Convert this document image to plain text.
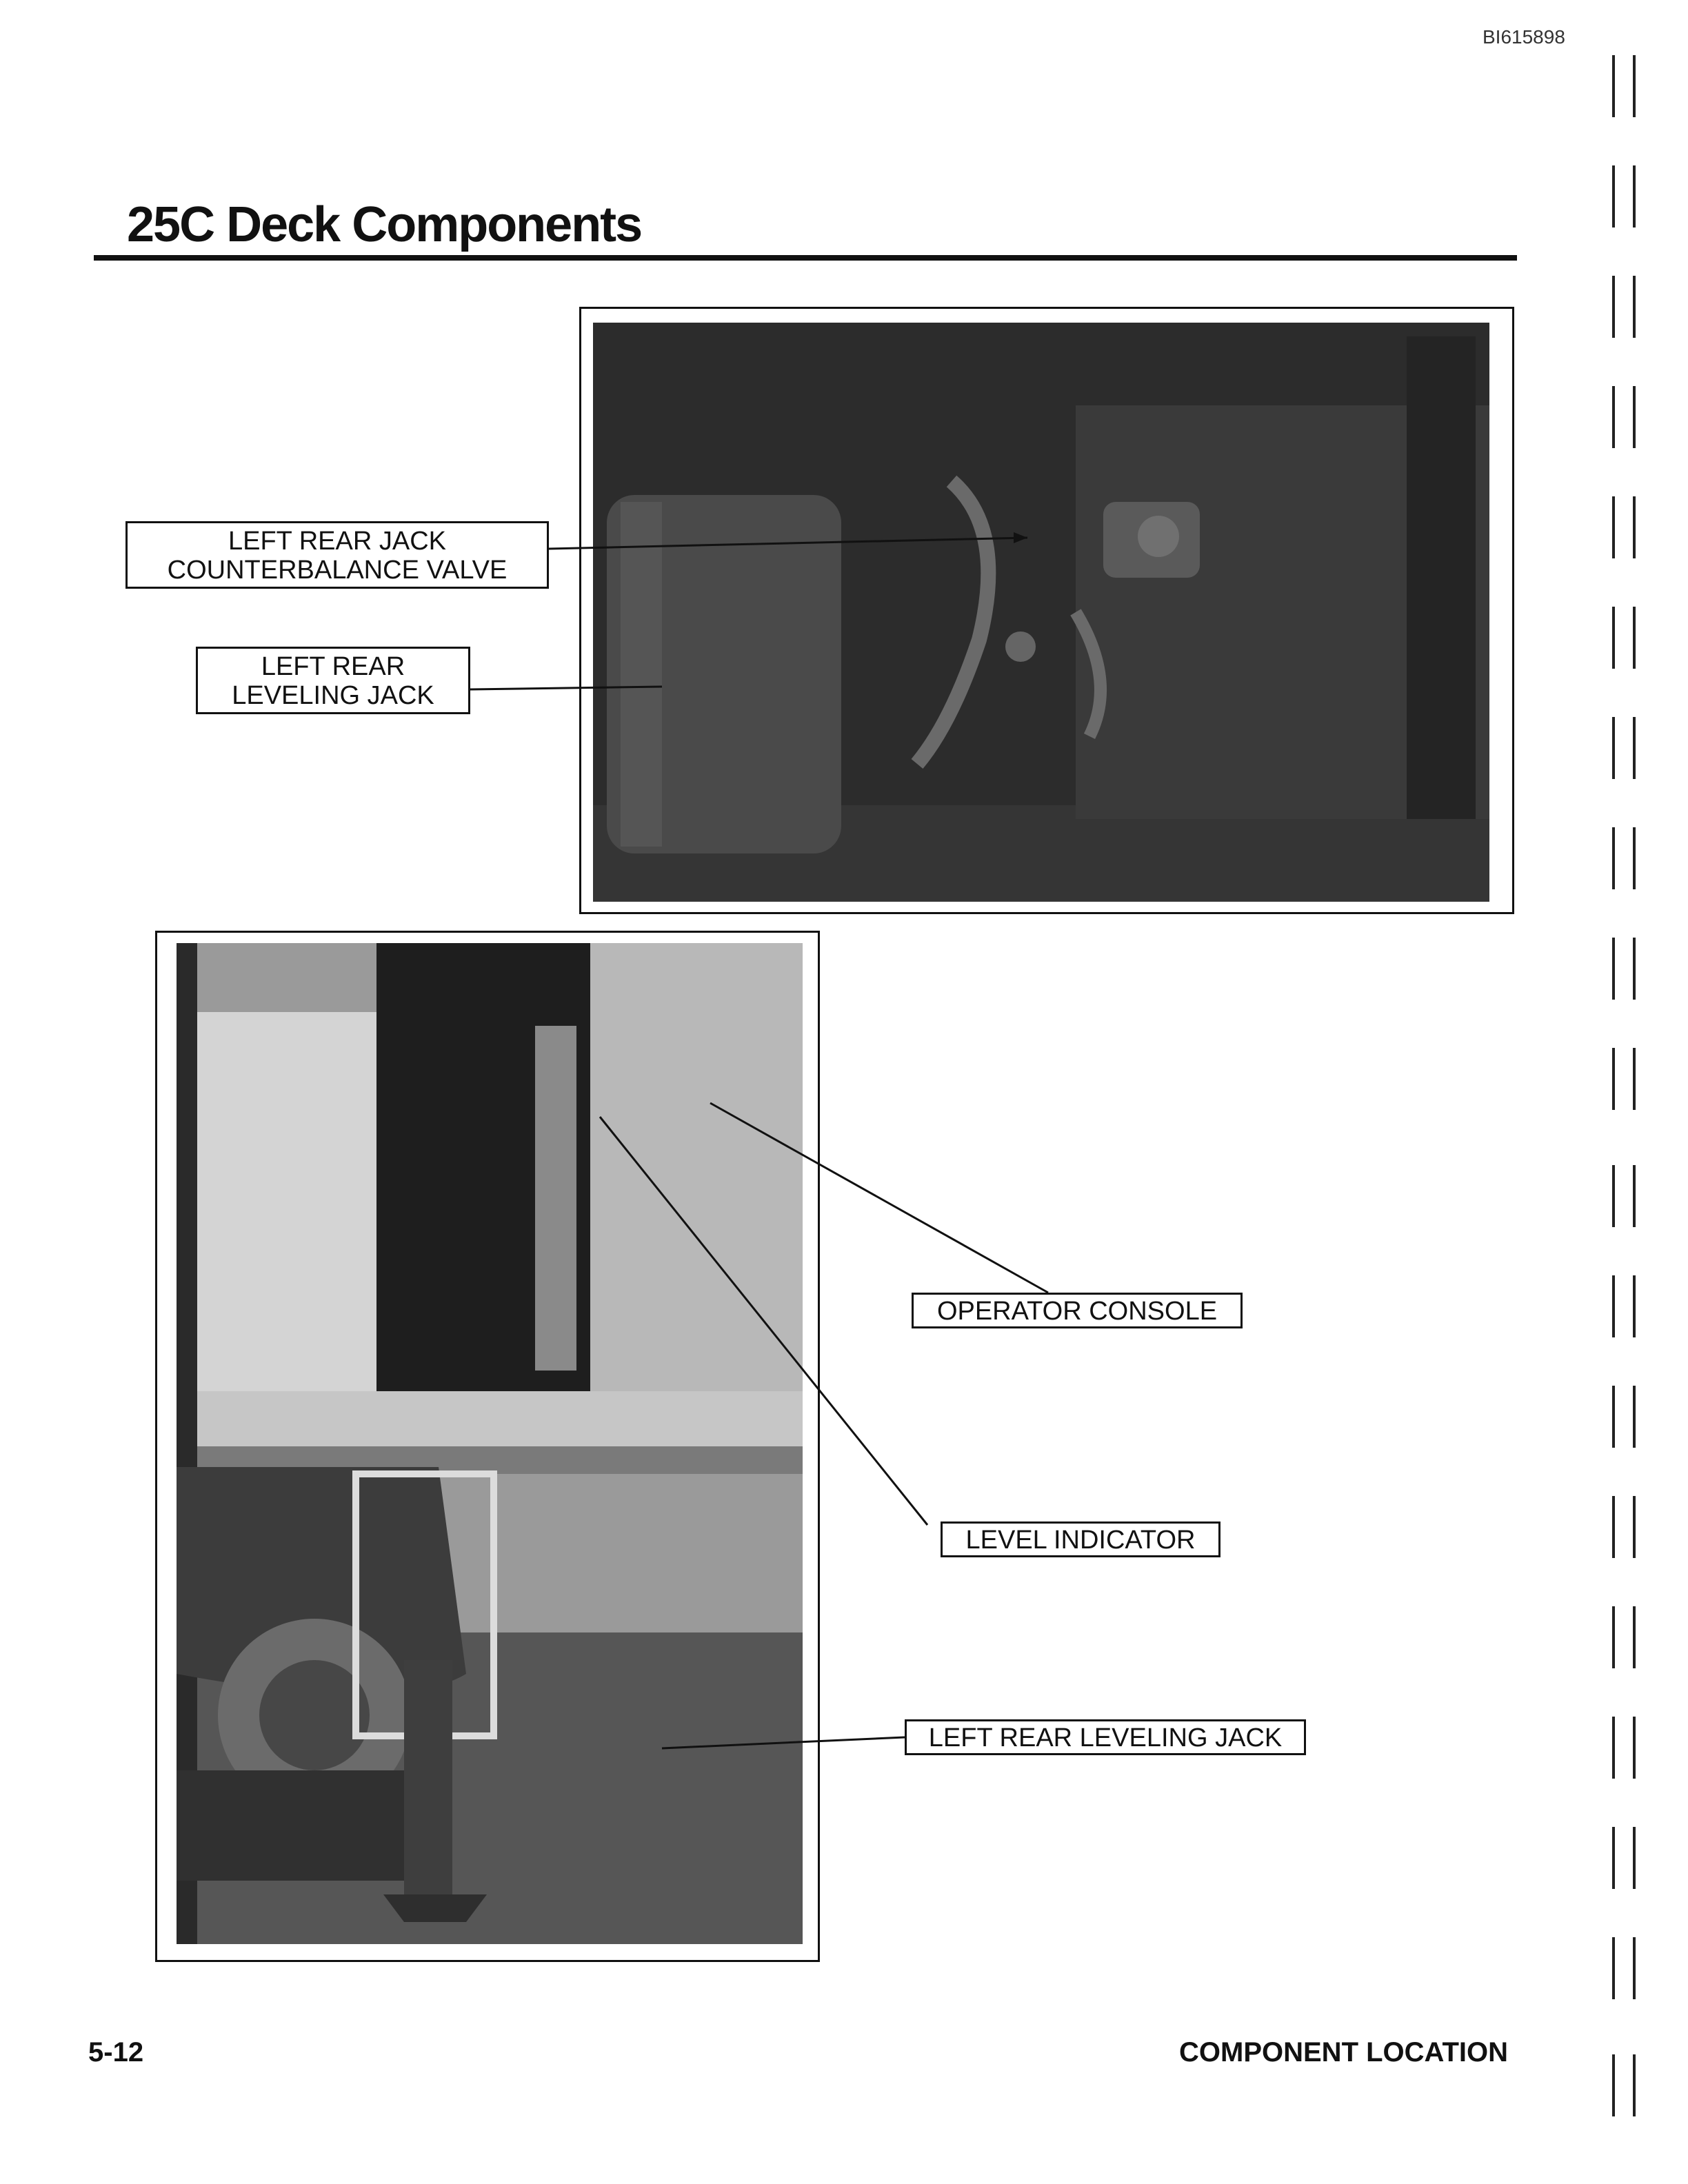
BI615898
25C Deck Components
LEFT REAR JACK
COUNTERBALANCE VALVE
LEFT REAR
LEVELING JACK
OPERATOR CONSOLE
LEVEL INDICATOR
LEFT REAR LEVELING JACK
5-12	COMPONENT LOCATION
